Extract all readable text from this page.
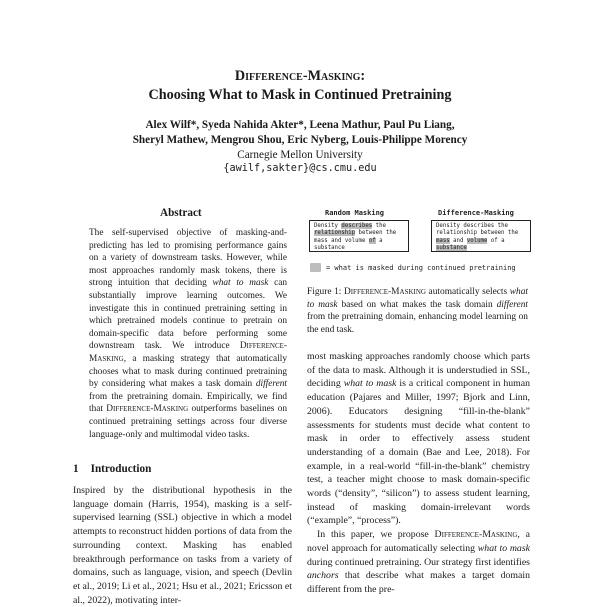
Difference-Masking:
Choosing What to Mask in Continued Pretraining
Alex Wilf*, Syeda Nahida Akter*, Leena Mathur, Paul Pu Liang,
Sheryl Mathew, Mengrou Shou, Eric Nyberg, Louis-Philippe Morency
Carnegie Mellon University
{awilf,sakter}@cs.cmu.edu
Abstract
The self-supervised objective of masking-and-predicting has led to promising performance gains on a variety of downstream tasks. However, while most approaches randomly mask tokens, there is strong intuition that deciding what to mask can substantially improve learning outcomes. We investigate this in continued pretraining setting in which pretrained models continue to pretrain on domain-specific data before performing some downstream task. We introduce Difference-Masking, a masking strategy that automatically chooses what to mask during continued pretraining by considering what makes a task domain different from the pretraining domain. Empirically, we find that Difference-Masking outperforms baselines on continued pretraining settings across four diverse language-only and multimodal video tasks.
1 Introduction
Inspired by the distributional hypothesis in the language domain (Harris, 1954), masking is a self-supervised learning (SSL) objective in which a model attempts to reconstruct hidden portions of data from the surrounding context. Masking has enabled breakthrough performance on tasks from a variety of domains, such as language, vision, and speech (Devlin et al., 2019; Li et al., 2021; Hsu et al., 2021; Ericsson et al., 2022), motivating inter-
Random Masking	Difference-Masking
Density describes the relationship between the mass and volume of a substance
Density describes the relationship between the mass and volume of a substance
= what is masked during continued pretraining
Figure 1: Difference-Masking automatically selects what to mask based on what makes the task domain different from the pretraining domain, enhancing model learning on the end task.

most masking approaches randomly choose which parts of the data to mask. Although it is understudied in SSL, deciding what to mask is a critical component in human education (Pajares and Miller, 1997; Bjork and Linn, 2006). Educators designing “fill-in-the-blank” assessments for students must decide what content to mask in order to effectively assess student understanding of a domain (Bae and Lee, 2018). For example, in a real-world “fill-in-the-blank” chemistry test, a teacher might choose to mask domain-specific words (“density”, “silicon”) to assess student learning, instead of masking domain-irrelevant words (“example”, “process”).

In this paper, we propose Difference-Masking, a novel approach for automatically selecting what to mask during continued pretraining. Our strategy first identifies anchors that describe what makes a target domain different from the pre-
